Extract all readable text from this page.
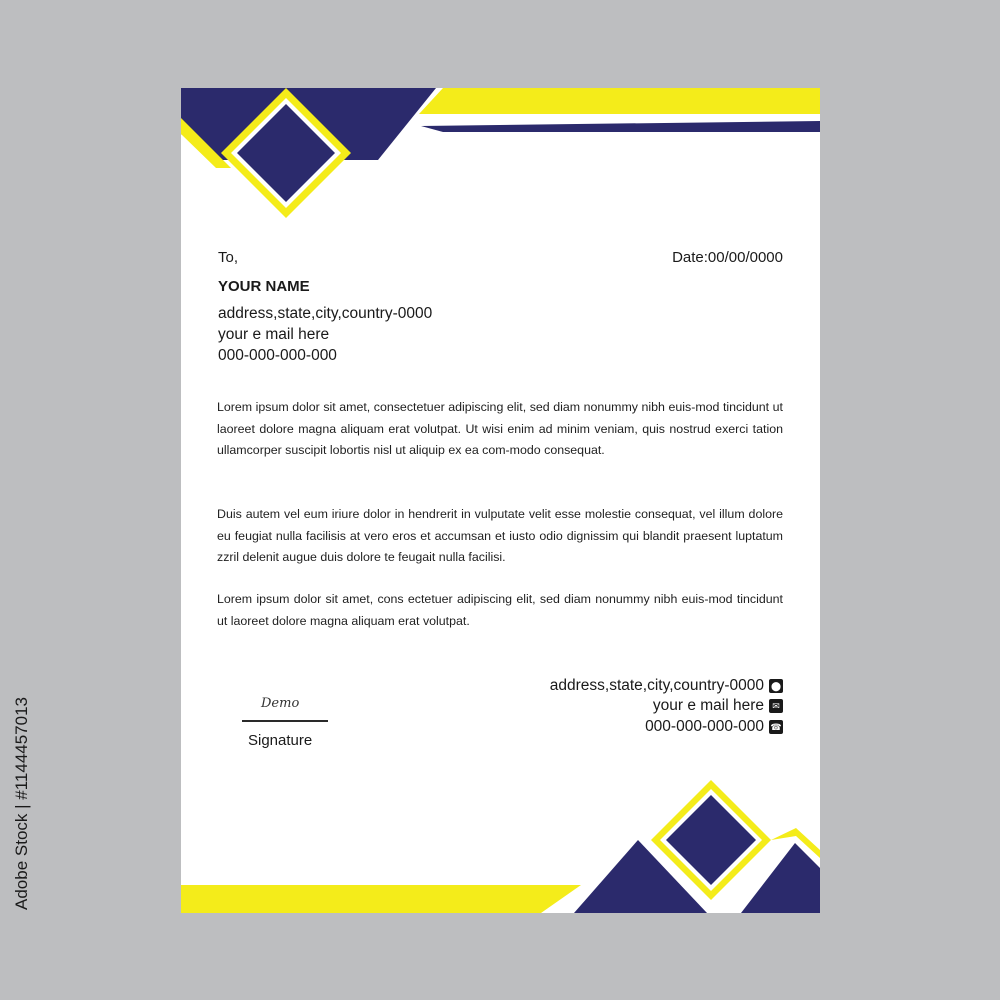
Adobe Stock | #1144457013
To,	Date:00/00/0000
YOUR NAME
address,state,city,country-0000
your e mail here
000-000-000-000
Lorem ipsum dolor sit amet, consectetuer adipiscing elit, sed diam nonummy nibh euis-mod tincidunt ut laoreet dolore magna aliquam erat volutpat. Ut wisi enim ad minim veniam, quis nostrud exerci tation ullamcorper suscipit lobortis nisl ut aliquip ex ea com-modo consequat.
Duis autem vel eum iriure dolor in hendrerit in vulputate velit esse molestie consequat, vel illum dolore eu feugiat nulla facilisis at vero eros et accumsan et iusto odio dignissim qui blandit praesent luptatum zzril delenit augue duis dolore te feugait nulla facilisi.
Lorem ipsum dolor sit amet, cons ectetuer adipiscing elit, sed diam nonummy nibh euis-mod tincidunt ut laoreet dolore magna aliquam erat volutpat.
Demo
Signature
address,state,city,country-0000 ⬤
your e mail here ✉
000-000-000-000 ☎
